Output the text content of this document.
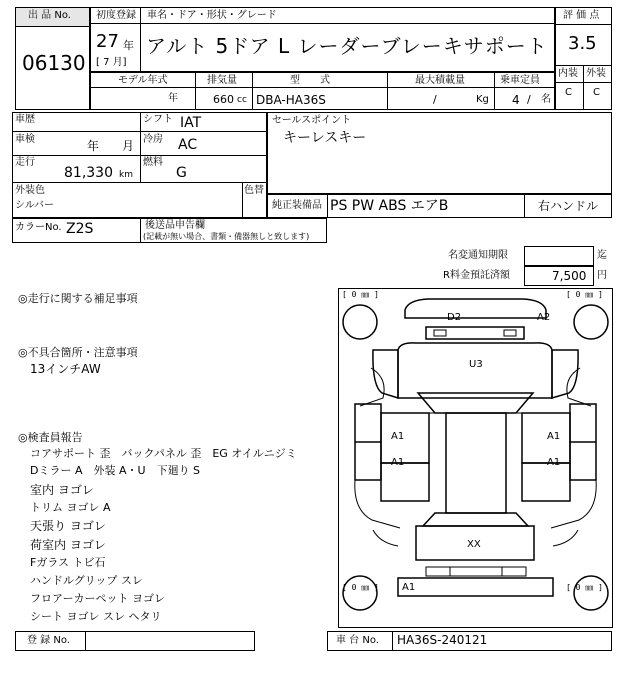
出 品 No.
06130
初度登録 車名・ドア・形状・グレード
27 年
[ 7 月]
アルト 5ドア L レーダーブレーキサポート
評 価 点
3.5
内装 外装
C C
モデル年式	排気量	型　　式	最大積載量	乗車定員
年	660 cc DBA-HA36S	/	Kg 4 / 名
車歴	シフト IAT
車検	年 月 冷房 AC
走行
81,330 km
燃料
G
外装色
シルバー
色替
セールスポイント
キーレスキー
純正装備品 PS PW ABS エアB	右ハンドル
カラーNo. Z2S	後送品申告欄
(記載が無い場合、書類・備器無しと致します)
名変通知期限	迄
R料金預託済額	7,500 円
◎走行に関する補足事項
◎不具合箇所・注意事項
13インチAW
◎検査員報告
コアサポート 歪　バックパネル 歪　EG オイルニジミ
Dミラー A　外装 A・U　下廻り S
室内 ヨゴレ
トリム ヨゴレ A
天張り ヨゴレ
荷室内 ヨゴレ
Fガラス トビ石
ハンドルグリップ スレ
フロアーカーペット ヨゴレ
シート ヨゴレ スレ ヘタリ
[ 0 ㎜ ]	[ 0 ㎜ ]
[ 0 ㎜ ]	[ 0 ㎜ ]
D2	A2
U3
A1	A1
A1	A1
XX
A1
登 録 No.	車 台 No. HA36S-240121
